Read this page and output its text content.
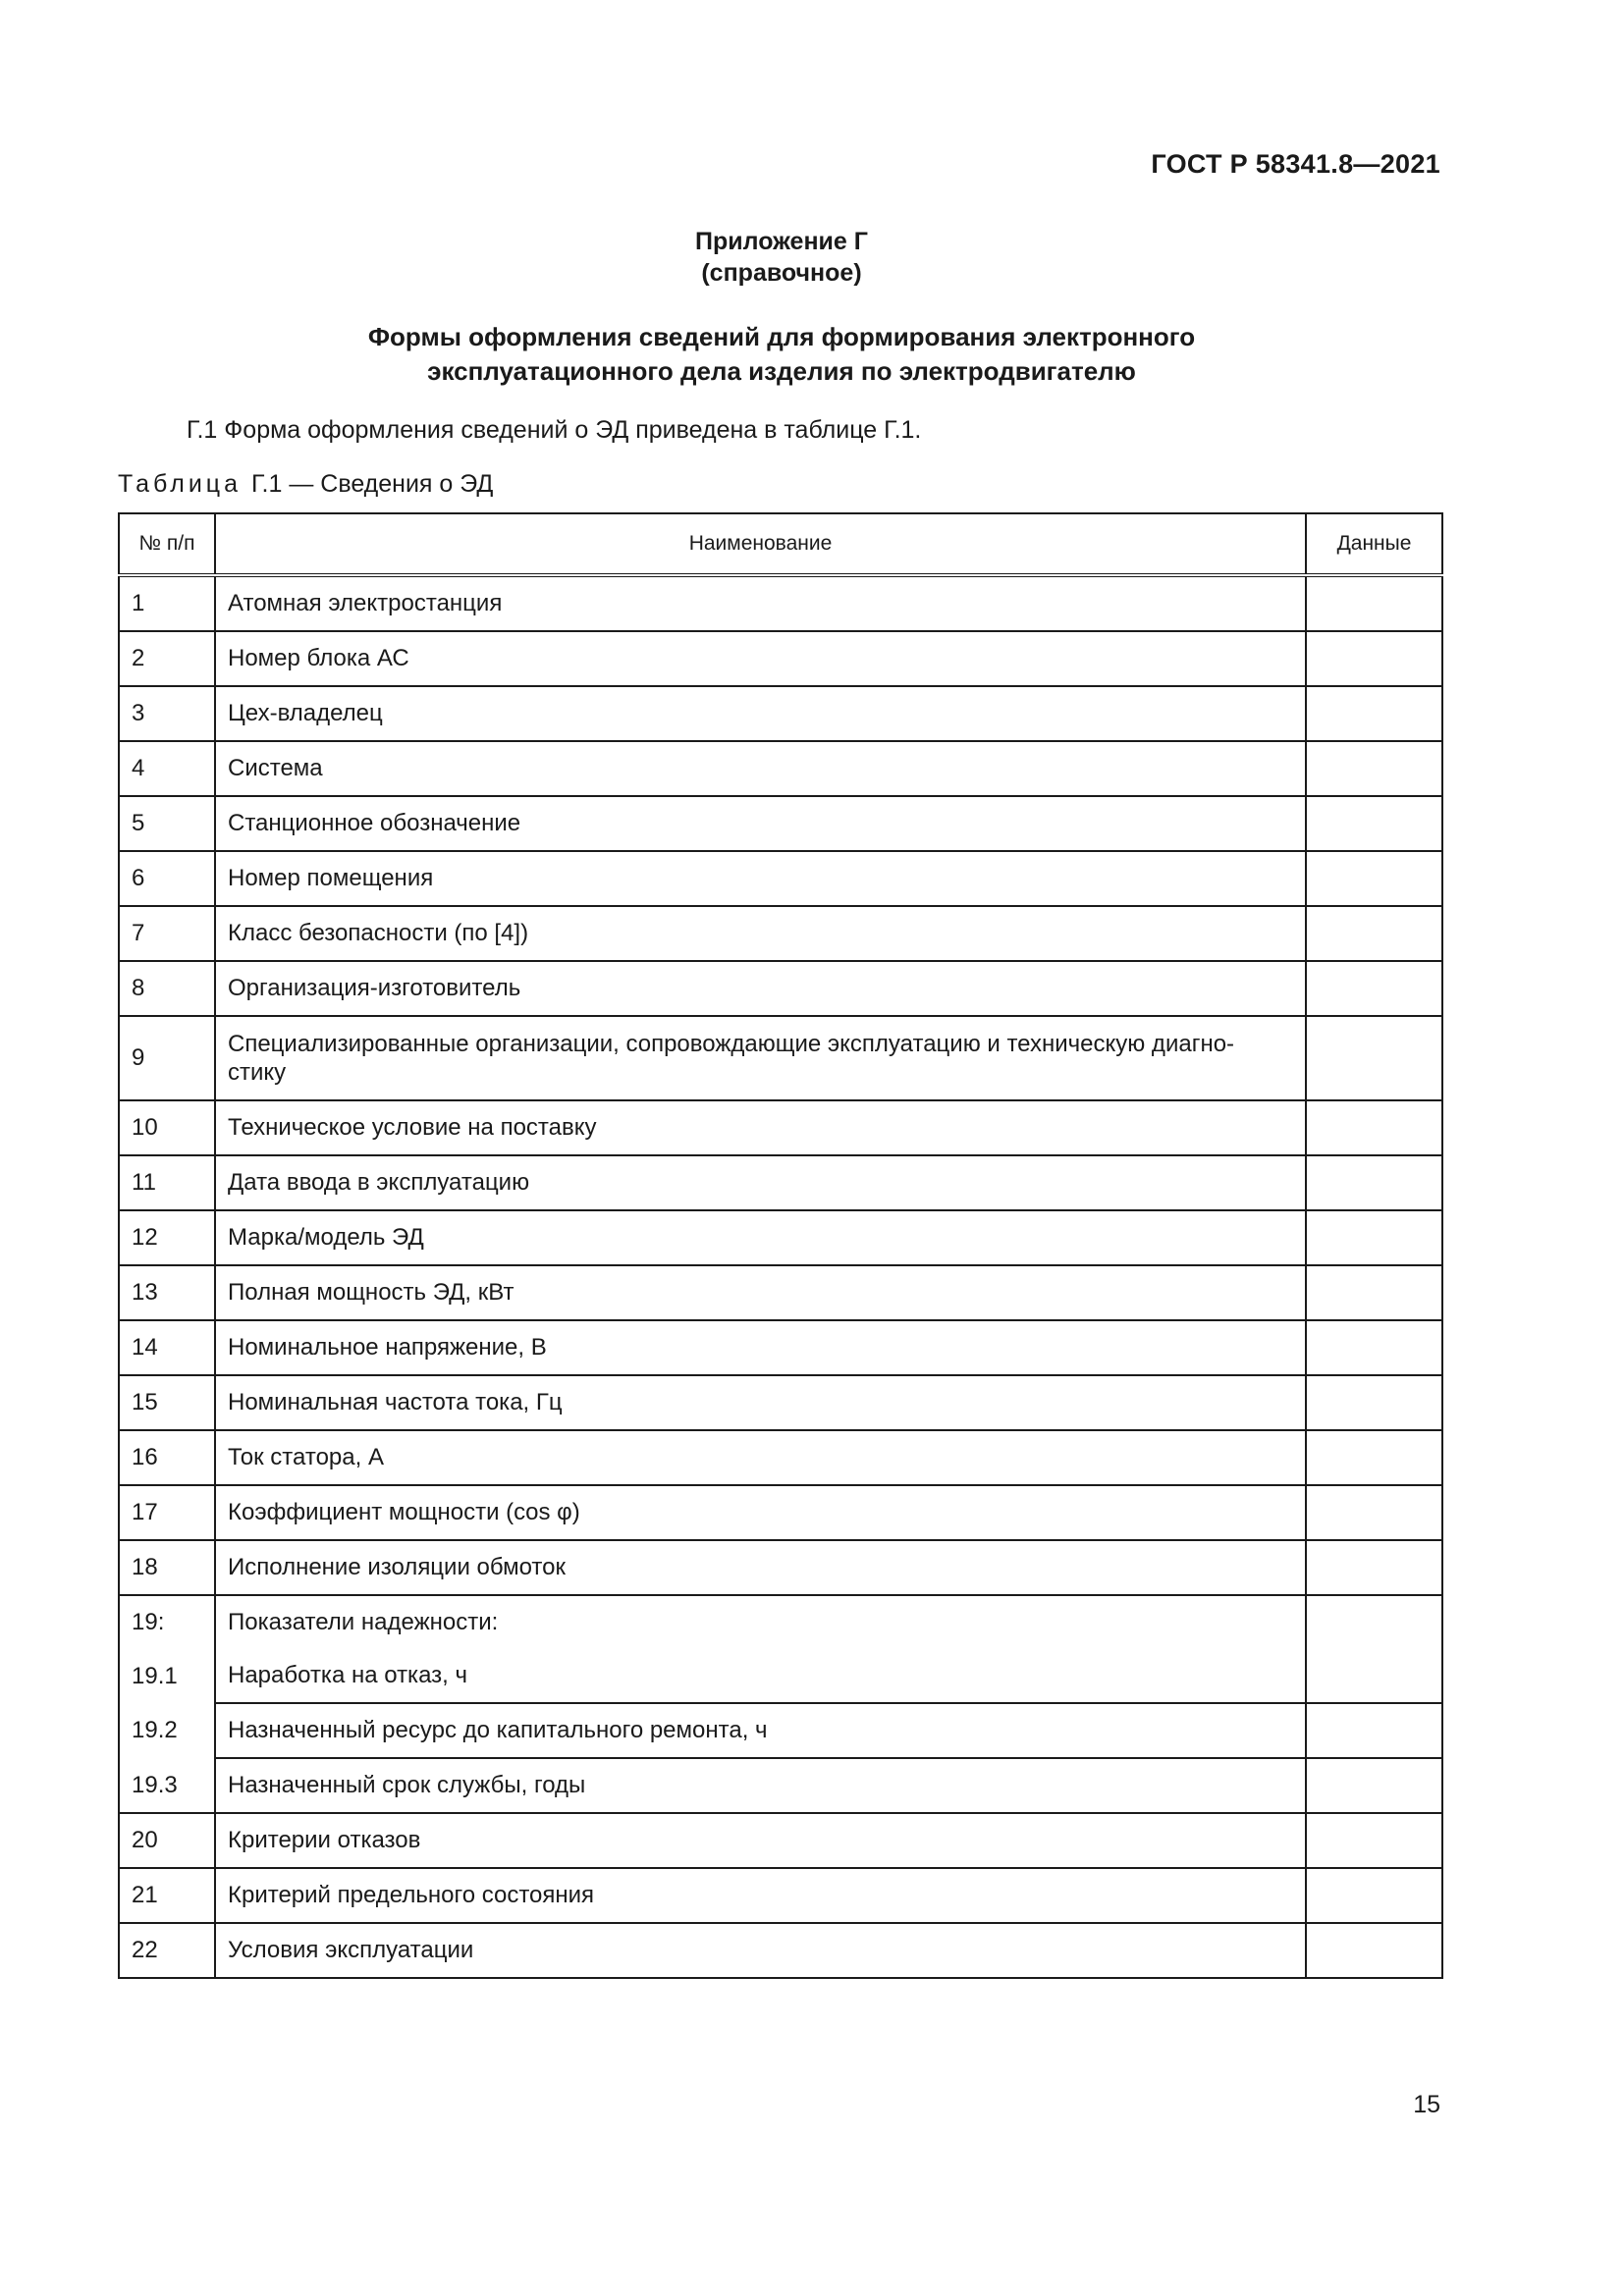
ГОСТ Р 58341.8—2021
Приложение Г
(справочное)
Формы оформления сведений для формирования электронного
эксплуатационного дела изделия по электродвигателю
Г.1 Форма оформления сведений о ЭД приведена в таблице Г.1.
Таблица Г.1 — Сведения о ЭД
№ п/п	Наименование	Данные
1	Атомная электростанция	
2	Номер блока АС	
3	Цех-владелец	
4	Система	
5	Станционное обозначение	
6	Номер помещения	
7	Класс безопасности (по [4])	
8	Организация-изготовитель	
9	Специализированные организации, сопровождающие эксплуатацию и техническую диагно-
стику	

10	Техническое условие на поставку	
11	Дата ввода в эксплуатацию	
12	Марка/модель ЭД	
13	Полная мощность ЭД, кВт	
14	Номинальное напряжение, В	
15	Номинальная частота тока, Гц	
16	Ток статора, А	
17	Коэффициент мощности (cos φ)	
18	Исполнение изоляции обмоток	
19:	Показатели надежности:	
19.1	Наработка на отказ, ч	
19.2	Назначенный ресурс до капитального ремонта, ч	
19.3	Назначенный срок службы, годы	
20	Критерии отказов	
21	Критерий предельного состояния	
22	Условия эксплуатации	
15
